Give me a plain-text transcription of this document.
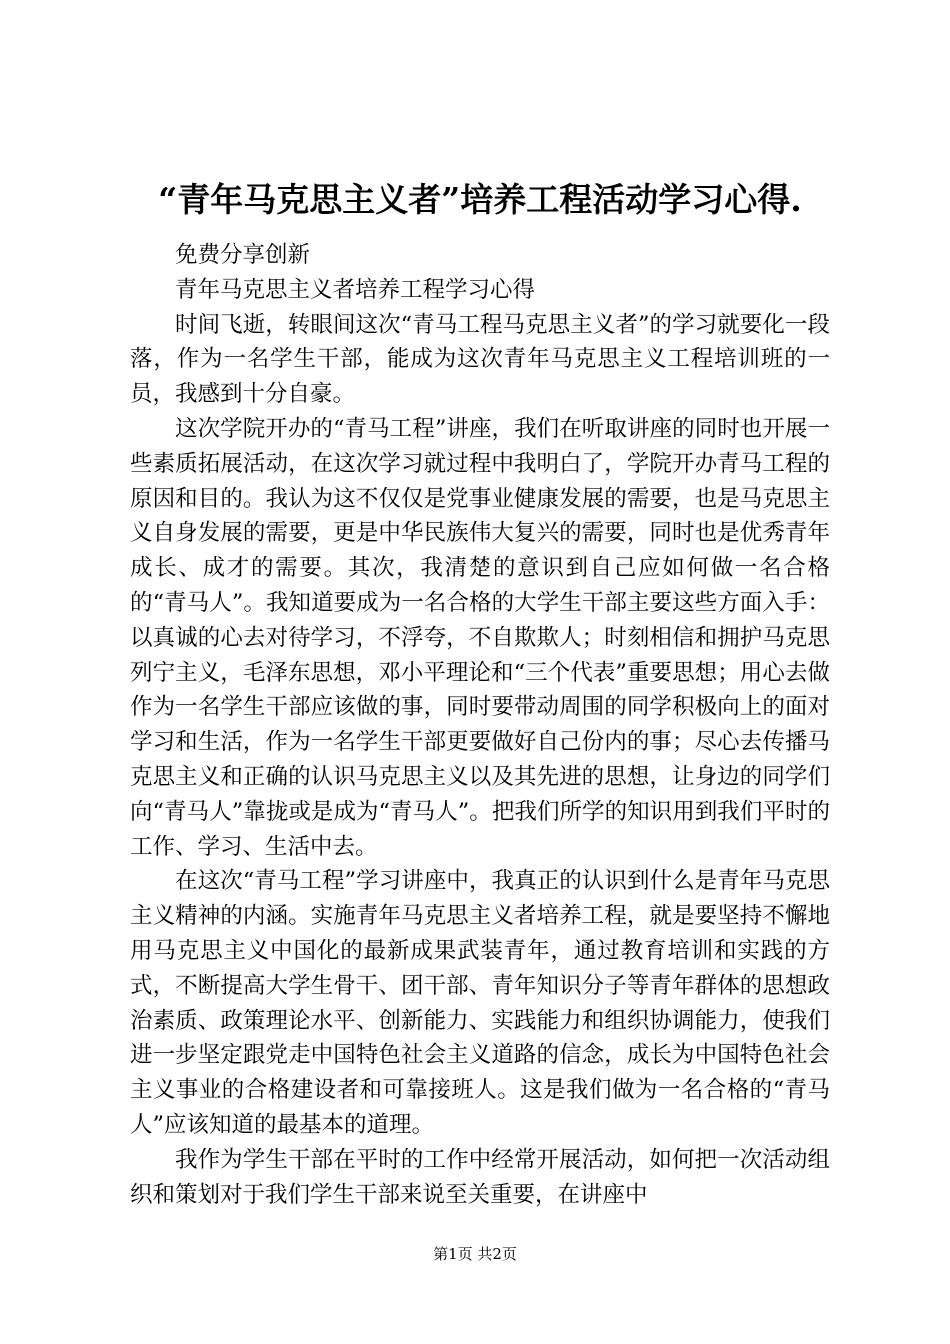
“青年马克思主义者”培养工程活动学习心得.

免费分享创新

青年马克思主义者培养工程学习心得

时间飞逝，转眼间这次“青马工程马克思主义者”的学习就要化一段落，作为一名学生干部，能成为这次青年马克思主义工程培训班的一员，我感到十分自豪。

这次学院开办的“青马工程”讲座，我们在听取讲座的同时也开展一些素质拓展活动，在这次学习就过程中我明白了，学院开办青马工程的原因和目的。我认为这不仅仅是党事业健康发展的需要，也是马克思主义自身发展的需要，更是中华民族伟大复兴的需要，同时也是优秀青年成长、成才的需要。其次，我清楚的意识到自己应如何做一名合格的“青马人”。我知道要成为一名合格的大学生干部主要这些方面入手：以真诚的心去对待学习，不浮夸，不自欺欺人；时刻相信和拥护马克思列宁主义，毛泽东思想，邓小平理论和“三个代表”重要思想；用心去做作为一名学生干部应该做的事，同时要带动周围的同学积极向上的面对学习和生活，作为一名学生干部更要做好自己份内的事；尽心去传播马克思主义和正确的认识马克思主义以及其先进的思想，让身边的同学们向“青马人”靠拢或是成为“青马人”。把我们所学的知识用到我们平时的工作、学习、生活中去。

在这次“青马工程”学习讲座中，我真正的认识到什么是青年马克思主义精神的内涵。实施青年马克思主义者培养工程，就是要坚持不懈地用马克思主义中国化的最新成果武装青年，通过教育培训和实践的方式，不断提高大学生骨干、团干部、青年知识分子等青年群体的思想政治素质、政策理论水平、创新能力、实践能力和组织协调能力，使我们进一步坚定跟党走中国特色社会主义道路的信念，成长为中国特色社会主义事业的合格建设者和可靠接班人。这是我们做为一名合格的“青马人”应该知道的最基本的道理。

我作为学生干部在平时的工作中经常开展活动，如何把一次活动组织和策划对于我们学生干部来说至关重要，在讲座中

第1页 共2页
